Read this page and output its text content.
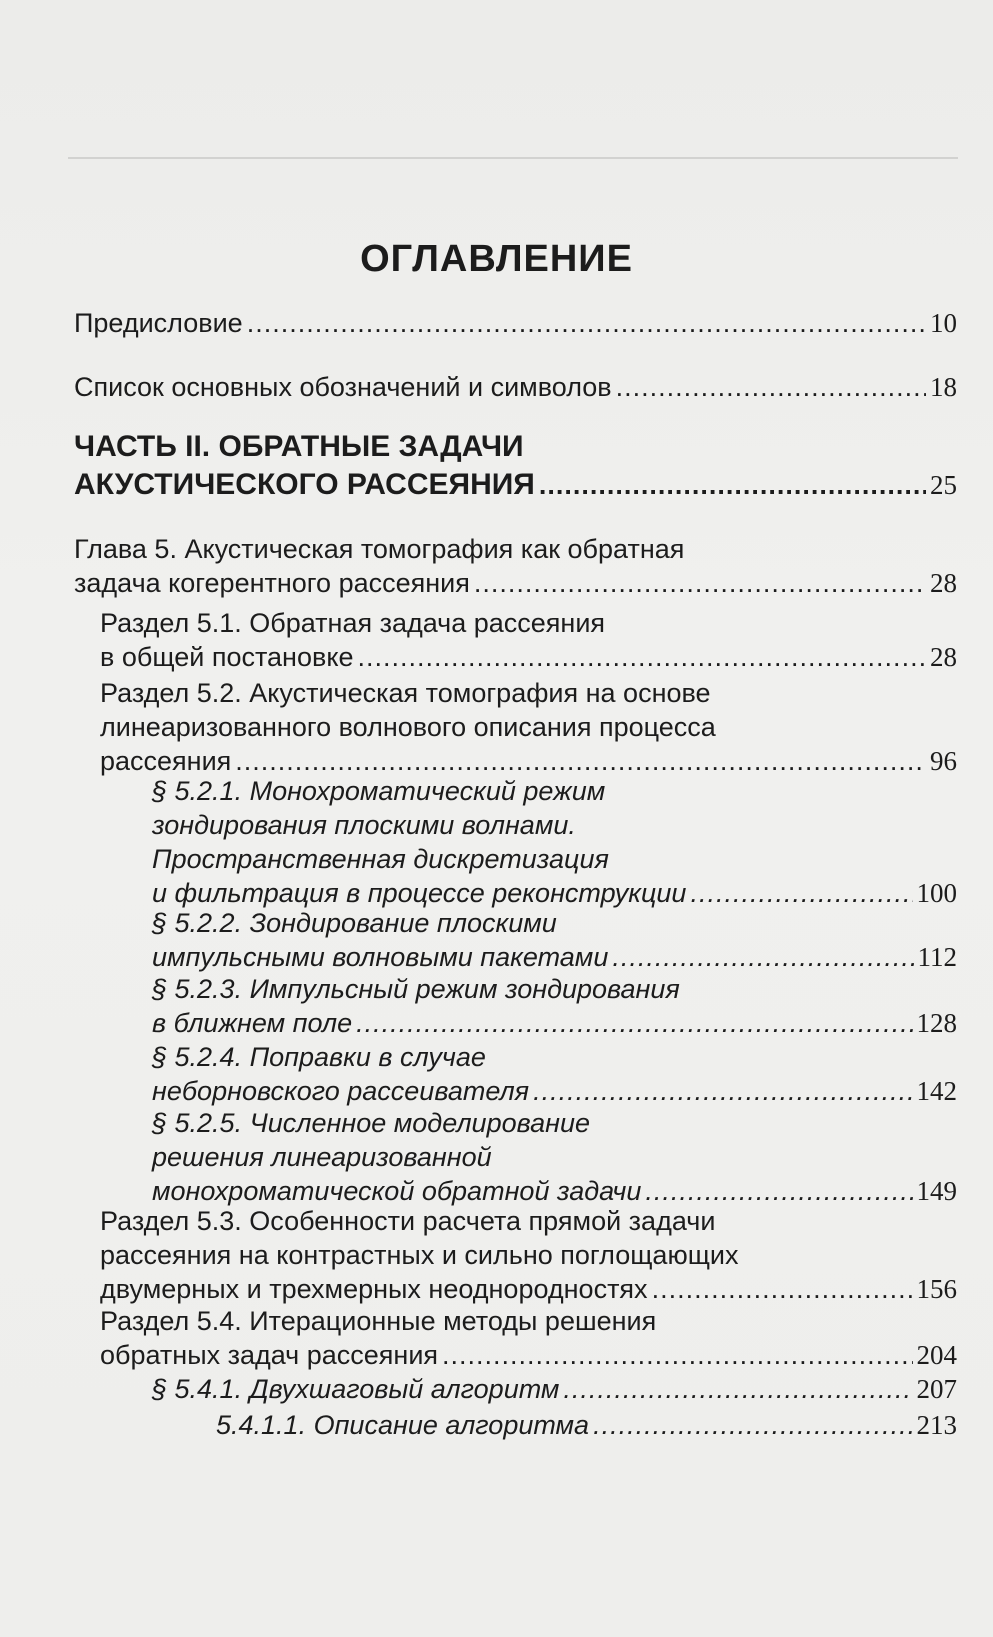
ОГЛАВЛЕНИЕ
Предисловие .....	10
Список основных обозначений и символов .....	18
ЧАСТЬ II. ОБРАТНЫЕ ЗАДАЧИ
АКУСТИЧЕСКОГО РАССЕЯНИЯ .....	25
Глава 5. Акустическая томография как обратная
задача когерентного рассеяния .....	28
Раздел 5.1. Обратная задача рассеяния
в общей постановке .....	28
Раздел 5.2. Акустическая томография на основе
линеаризованного волнового описания процесса
рассеяния .....	96
§ 5.2.1. Монохроматический режим
зондирования плоскими волнами.
Пространственная дискретизация
и фильтрация в процессе реконструкции .....	100
§ 5.2.2. Зондирование плоскими
импульсными волновыми пакетами .....	112
§ 5.2.3. Импульсный режим зондирования
в ближнем поле .....	128
§ 5.2.4. Поправки в случае
неборновского рассеивателя .....	142
§ 5.2.5. Численное моделирование
решения линеаризованной
монохроматической обратной задачи .....	149
Раздел 5.3. Особенности расчета прямой задачи
рассеяния на контрастных и сильно поглощающих
двумерных и трехмерных неоднородностях .....	156
Раздел 5.4. Итерационные методы решения
обратных задач рассеяния .....	204
§ 5.4.1. Двухшаговый алгоритм .....	207
5.4.1.1. Описание алгоритма .....	213
